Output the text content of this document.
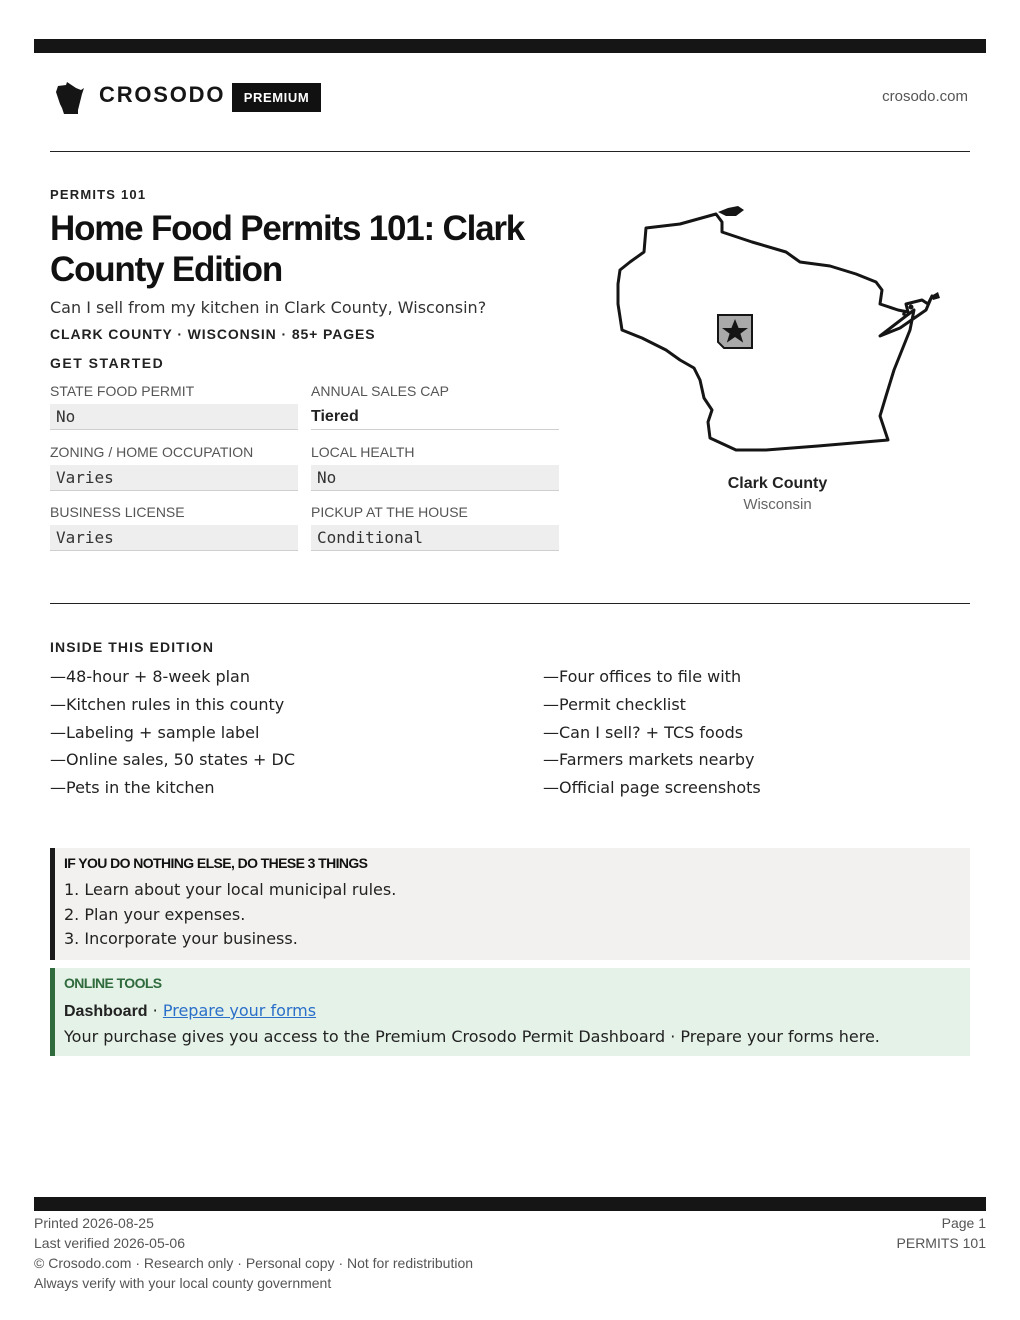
CROSODO	PREMIUM	crosodo.com
PERMITS 101
Home Food Permits 101: Clark County Edition

Can I sell from my kitchen in Clark County, Wisconsin?

CLARK COUNTY · WISCONSIN · 85+ PAGES
GET STARTED
STATE FOOD PERMIT
No
ANNUAL SALES CAP
Tiered
ZONING / HOME OCCUPATION
Varies
LOCAL HEALTH
No
BUSINESS LICENSE
Varies
PICKUP AT THE HOUSE
Conditional
Clark County
Wisconsin
INSIDE THIS EDITION
—48-hour + 8-week plan
—Kitchen rules in this county
—Labeling + sample label
—Online sales, 50 states + DC
—Pets in the kitchen
—Four offices to file with
—Permit checklist
—Can I sell? + TCS foods
—Farmers markets nearby
—Official page screenshots
IF YOU DO NOTHING ELSE, DO THESE 3 THINGS
1. Learn about your local municipal rules.
2. Plan your expenses.
3. Incorporate your business.
ONLINE TOOLS
Dashboard · Prepare your forms
Your purchase gives you access to the Premium Crosodo Permit Dashboard · Prepare your forms here.
Printed 2026-08-25
Last verified 2026-05-06
© Crosodo.com · Research only · Personal copy · Not for redistribution
Always verify with your local county government
Page 1
PERMITS 101
